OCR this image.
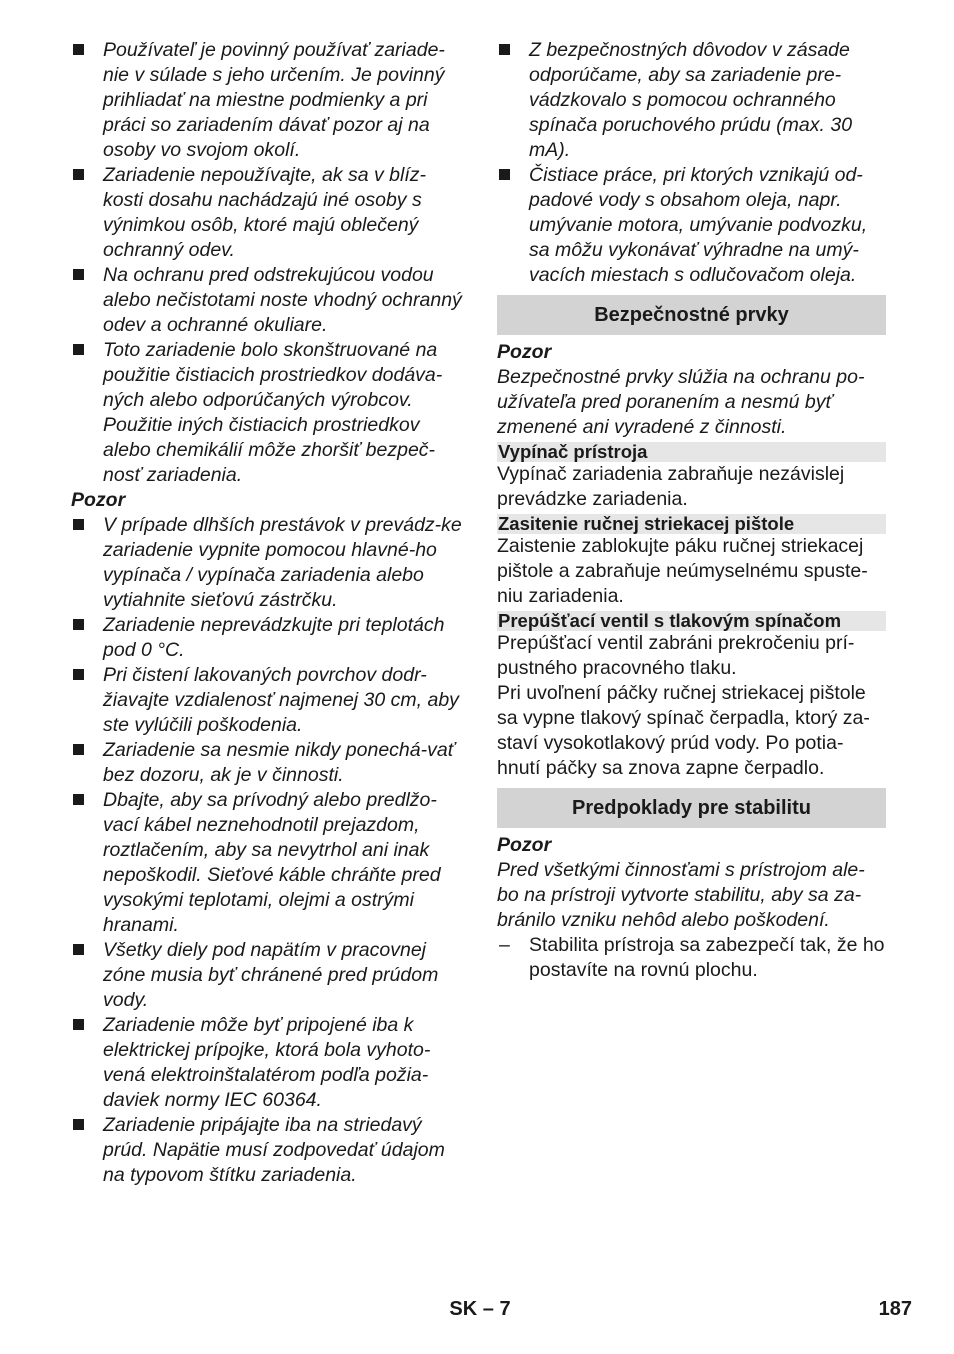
Používateľ je povinný používať zariade-nie v súlade s jeho určením. Je povinný prihliadať na miestne podmienky a pri práci so zariadením dávať pozor aj na osoby vo svojom okolí.
Zariadenie nepoužívajte, ak sa v blíz-kosti dosahu nachádzajú iné osoby s výnimkou osôb, ktoré majú oblečený ochranný odev.
Na ochranu pred odstrekujúcou vodou alebo nečistotami noste vhodný ochranný odev a ochranné okuliare.
Toto zariadenie bolo skonštruované na použitie čistiacich prostriedkov dodáva-ných alebo odporúčaných výrobcov. Použitie iných čistiacich prostriedkov alebo chemikálií môže zhoršiť bezpeč-nosť zariadenia.
Pozor
V prípade dlhších prestávok v prevádz-ke zariadenie vypnite pomocou hlavné-ho vypínača / vypínača zariadenia alebo vytiahnite sieťovú zástrčku.
Zariadenie neprevádzkujte pri teplotách pod 0 °C.
Pri čistení lakovaných povrchov dodr-žiavajte vzdialenosť najmenej 30 cm, aby ste vylúčili poškodenia.
Zariadenie sa nesmie nikdy ponechá-vať bez dozoru, ak je v činnosti.
Dbajte, aby sa prívodný alebo predlžo-vací kábel neznehodnotil prejazdom, roztlačením, aby sa nevytrhol ani inak nepoškodil. Sieťové káble chráňte pred vysokými teplotami, olejmi a ostrými hranami.
Všetky diely pod napätím v pracovnej zóne musia byť chránené pred prúdom vody.
Zariadenie môže byť pripojené iba k elektrickej prípojke, ktorá bola vyhoto-vená elektroinštalatérom podľa požia-daviek normy IEC 60364.
Zariadenie pripájajte iba na striedavý prúd. Napätie musí zodpovedať údajom na typovom štítku zariadenia.
Z bezpečnostných dôvodov v zásade odporúčame, aby sa zariadenie pre-vádzkovalo s pomocou ochranného spínača poruchového prúdu (max. 30 mA).
Čistiace práce, pri ktorých vznikajú od-padové vody s obsahom oleja, napr. umývanie motora, umývanie podvozku, sa môžu vykonávať výhradne na umý-vacích miestach s odlučovačom oleja.
Bezpečnostné prvky
Pozor
Bezpečnostné prvky slúžia na ochranu po-užívateľa pred poranením a nesmú byť zmenené ani vyradené z činnosti.
Vypínač prístroja
Vypínač zariadenia zabraňuje nezávislej prevádzke zariadenia.
Zasitenie ručnej striekacej pištole
Zaistenie zablokujte páku ručnej striekacej pištole a zabraňuje neúmyselnému spuste-niu zariadenia.
Prepúšťací ventil s tlakovým spínačom
Prepúšťací ventil zabráni prekročeniu prí-pustného pracovného tlaku.
Pri uvoľnení páčky ručnej striekacej pištole sa vypne tlakový spínač čerpadla, ktorý za-staví vysokotlakový prúd vody. Po potia-hnutí páčky sa znova zapne čerpadlo.
Predpoklady pre stabilitu
Pozor
Pred všetkými činnosťami s prístrojom ale-bo na prístroji vytvorte stabilitu, aby sa za-bránilo vzniku nehôd alebo poškodení.
– Stabilita prístroja sa zabezpečí tak, že ho postavíte na rovnú plochu.
SK – 7	187
